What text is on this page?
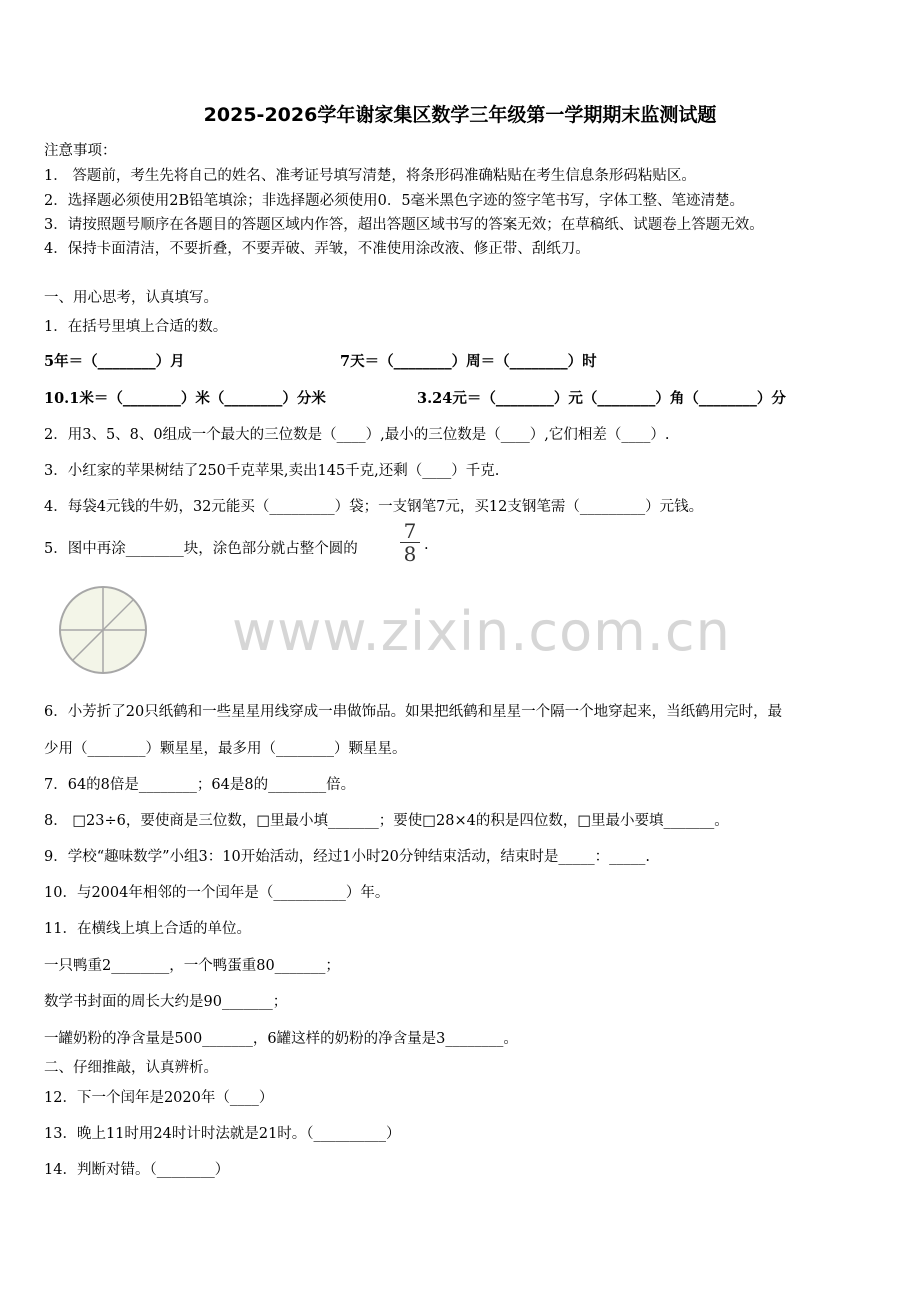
2025-2026学年谢家集区数学三年级第一学期期末监测试题
注意事项：
1． 答题前，考生先将自己的姓名、准考证号填写清楚，将条形码准确粘贴在考生信息条形码粘贴区。
2．选择题必须使用2B铅笔填涂；非选择题必须使用0．5毫米黑色字迹的签字笔书写，字体工整、笔迹清楚。
3．请按照题号顺序在各题目的答题区域内作答，超出答题区域书写的答案无效；在草稿纸、试题卷上答题无效。
4．保持卡面清洁，不要折叠，不要弄破、弄皱，不准使用涂改液、修正带、刮纸刀。
一、用心思考，认真填写。
1．在括号里填上合适的数。
5年＝（________）月	7天＝（________）周＝（________）时
10.1米＝（________）米（________）分米	3.24元＝（________）元（________）角（________）分
2．用3、5、8、0组成一个最大的三位数是（____）,最小的三位数是（____）,它们相差（____）.
3．小红家的苹果树结了250千克苹果,卖出145千克,还剩（____）千克.
4．每袋4元钱的牛奶，32元能买（_________）袋；一支钢笔7元，买12支钢笔需（_________）元钱。
5．图中再涂________块，涂色部分就占整个圆的
7
8 .
www.zixin.com.cn
6．小芳折了20只纸鹤和一些星星用线穿成一串做饰品。如果把纸鹤和星星一个隔一个地穿起来，当纸鹤用完时，最
少用（________）颗星星，最多用（________）颗星星。
7．64的8倍是________；64是8的________倍。
8． □23÷6，要使商是三位数，□里最小填_______；要使□28×4的积是四位数，□里最小要填_______。
9．学校“趣味数学”小组3：10开始活动，经过1小时20分钟结束活动，结束时是_____：_____.
10．与2004年相邻的一个闰年是（__________）年。
11．在横线上填上合适的单位。
一只鸭重2________，一个鸭蛋重80_______；
数学书封面的周长大约是90_______；
一罐奶粉的净含量是500_______，6罐这样的奶粉的净含量是3________。
二、仔细推敲，认真辨析。
12．下一个闰年是2020年（____）
13．晚上11时用24时计时法就是21时。（__________）
14．判断对错。（________）
